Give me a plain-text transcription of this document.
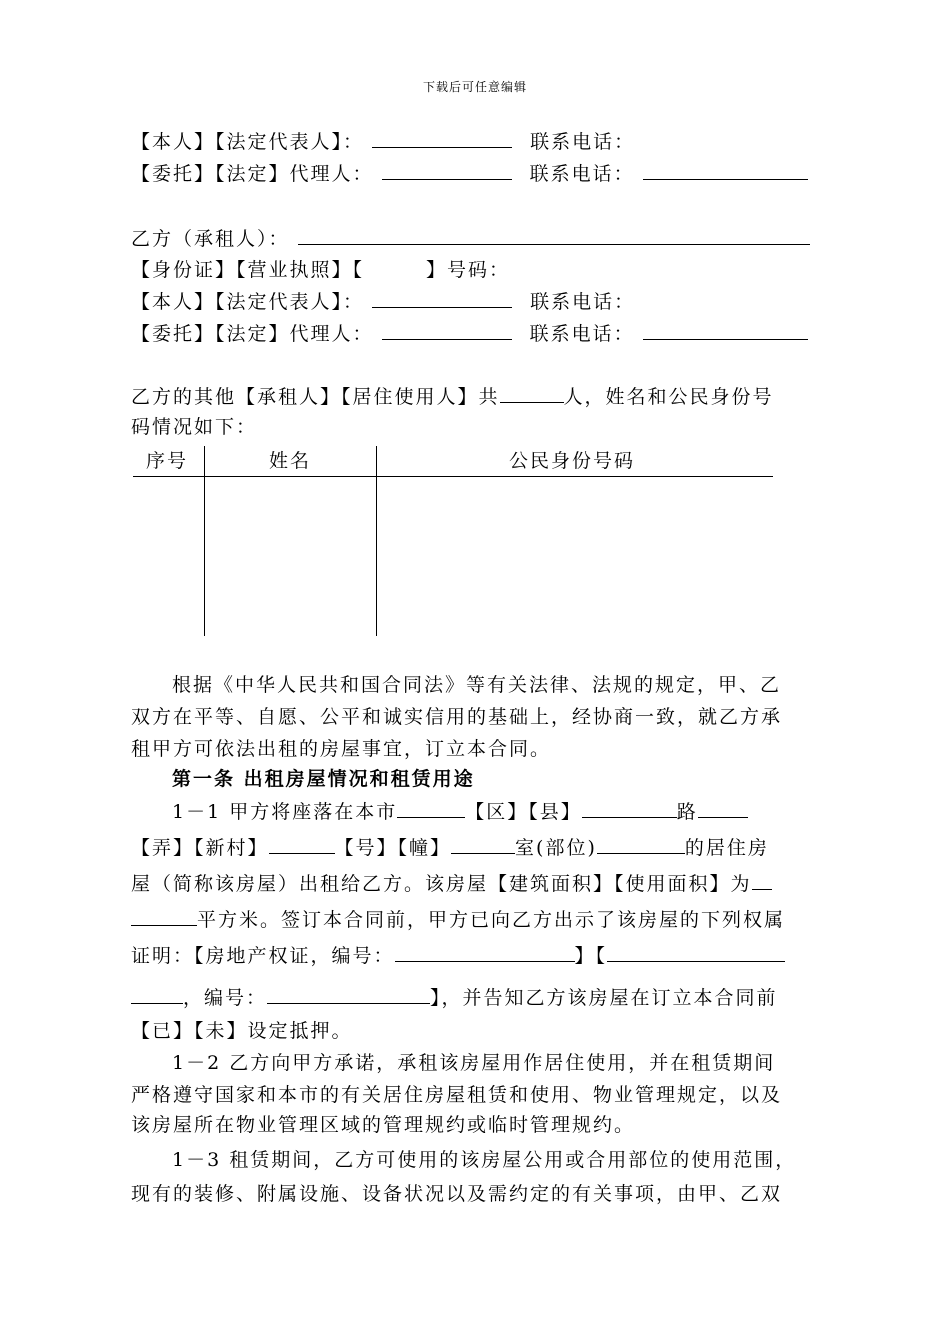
下载后可任意编辑
【本人】【法定代表人】：	联系电话：
【委托】【法定】代理人：	联系电话：
乙方（承租人）：
【身份证】【营业执照】【	】号码：
【本人】【法定代表人】：	联系电话：
【委托】【法定】代理人：	联系电话：
乙方的其他【承租人】【居住使用人】共	人，姓名和公民身份号
码情况如下：
序号	姓名	公民身份号码
根据《中华人民共和国合同法》等有关法律、法规的规定，甲、乙
双方在平等、自愿、公平和诚实信用的基础上，经协商一致，就乙方承
租甲方可依法出租的房屋事宜，订立本合同。
第一条 出租房屋情况和租赁用途
1－1 甲方将座落在本市	【区】【县】	路
【弄】【新村】	【号】【幢】	室(部位)	的居住房
屋（简称该房屋）出租给乙方。该房屋【建筑面积】【使用面积】为
平方米。签订本合同前，甲方已向乙方出示了该房屋的下列权属
证明：【房地产权证，编号：	】【
，编号：	】，并告知乙方该房屋在订立本合同前
【已】【未】设定抵押。
1－2 乙方向甲方承诺，承租该房屋用作居住使用，并在租赁期间
严格遵守国家和本市的有关居住房屋租赁和使用、物业管理规定，以及
该房屋所在物业管理区域的管理规约或临时管理规约。
1－3 租赁期间，乙方可使用的该房屋公用或合用部位的使用范围，
现有的装修、附属设施、设备状况以及需约定的有关事项，由甲、乙双
